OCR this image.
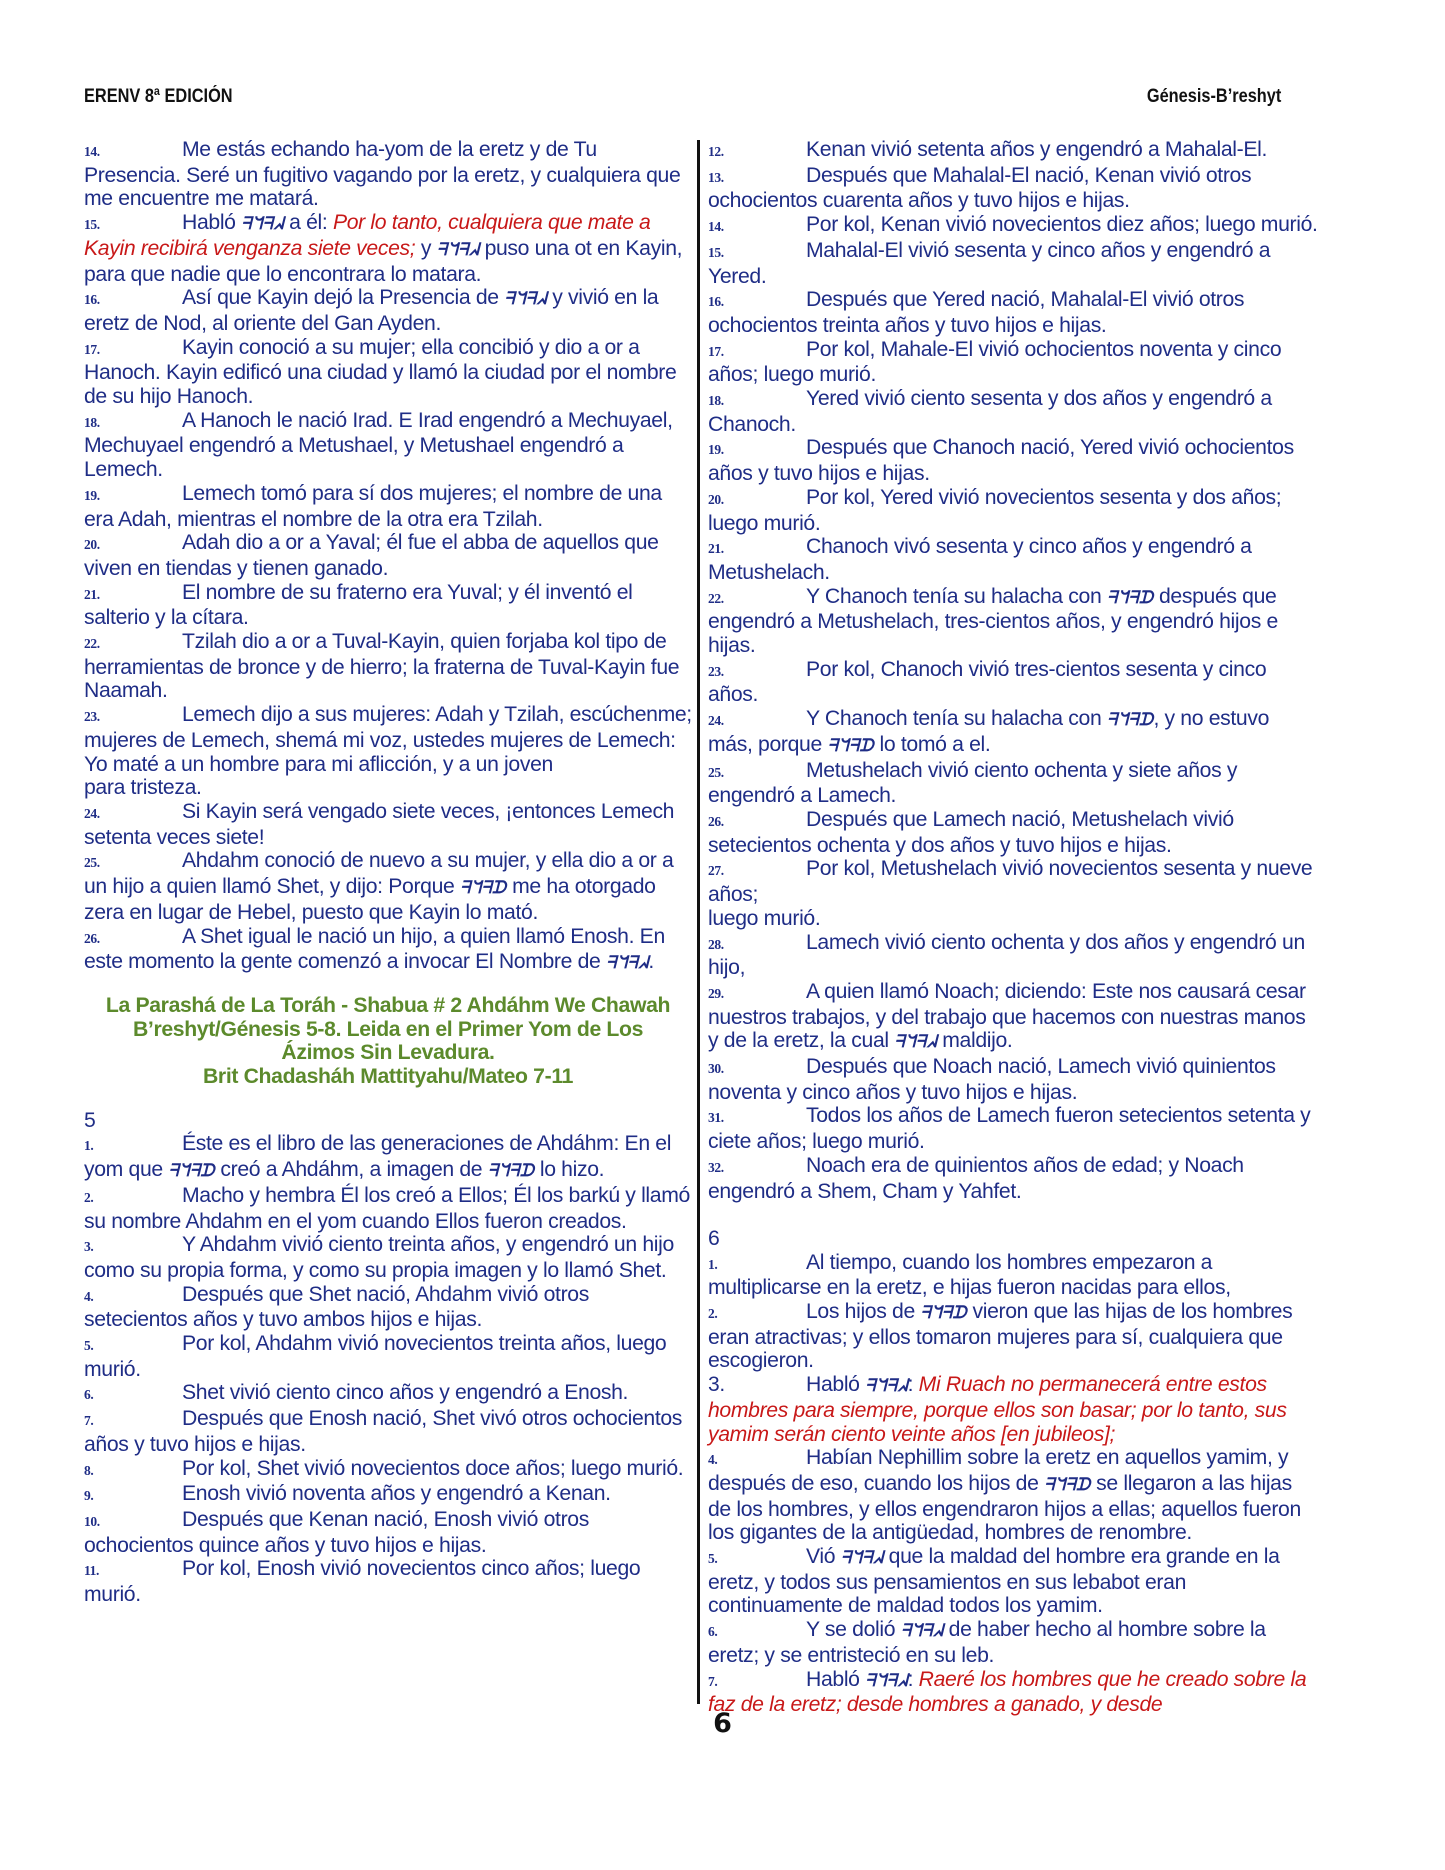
ERENV 8ª EDICIÓN	Génesis-B’reshyt
14.	Me estás echando ha-yom de la eretz y de Tu Presencia. Seré un fugitivo vagando por la eretz, y cualquiera que me encuentre me matará.
15.	Habló ᖷᖻᖷᖽ a él: Por lo tanto, cualquiera que mate a Kayin recibirá venganza siete veces; y ᖷᖻᖷᖽ puso una ot en Kayin, para que nadie que lo encontrara lo matara.
16.	Así que Kayin dejó la Presencia de ᖷᖻᖷᖽ y vivió en la eretz de Nod, al oriente del Gan Ayden.
17.	Kayin conoció a su mujer; ella concibió y dio a or a Hanoch. Kayin edificó una ciudad y llamó la ciudad por el nombre de su hijo Hanoch.
18.	A Hanoch le nació Irad. E Irad engendró a Mechuyael, Mechuyael engendró a Metushael, y Metushael engendró a Lemech.
19.	Lemech tomó para sí dos mujeres; el nombre de una era Adah, mientras el nombre de la otra era Tzilah.
20.	Adah dio a or a Yaval; él fue el abba de aquellos que viven en tiendas y tienen ganado.
21.	El nombre de su fraterno era Yuval; y él inventó el salterio y la cítara.
22.	Tzilah dio a or a Tuval-Kayin, quien forjaba kol tipo de herramientas de bronce y de hierro; la fraterna de Tuval-Kayin fue Naamah.
23.	Lemech dijo a sus mujeres: Adah y Tzilah, escúchenme; mujeres de Lemech, shemá mi voz, ustedes mujeres de Lemech: Yo maté a un hombre para mi aflicción, y a un joven
para tristeza.
24.	Si Kayin será vengado siete veces, ¡entonces Lemech setenta veces siete!
25.	Ahdahm conoció de nuevo a su mujer, y ella dio a or a un hijo a quien llamó Shet, y dijo: Porque ᖷᖻᖷᗪ me ha otorgado zera en lugar de Hebel, puesto que Kayin lo mató.
26.	A Shet igual le nació un hijo, a quien llamó Enosh. En este momento la gente comenzó a invocar El Nombre de ᖷᖻᖷᖽ.
La Parashá de La Toráh - Shabua # 2 Ahdáhm We Chawah
B’reshyt/Génesis 5-8. Leida en el Primer Yom de Los
Ázimos Sin Levadura.
Brit Chadasháh Mattityahu/Mateo 7-11
5
1.	Éste es el libro de las generaciones de Ahdáhm: En el yom que ᖷᖻᖷᗪ creó a Ahdáhm, a imagen de ᖷᖻᖷᗪ lo hizo.
2.	Macho y hembra Él los creó a Ellos; Él los barkú y llamó su nombre Ahdahm en el yom cuando Ellos fueron creados.
3.	Y Ahdahm vivió ciento treinta años, y engendró un hijo como su propia forma, y como su propia imagen y lo llamó Shet.
4.	Después que Shet nació, Ahdahm vivió otros setecientos años y tuvo ambos hijos e hijas.
5.	Por kol, Ahdahm vivió novecientos treinta años, luego murió.
6.	Shet vivió ciento cinco años y engendró a Enosh.
7.	Después que Enosh nació, Shet vivó otros ochocientos años y tuvo hijos e hijas.
8.	Por kol, Shet vivió novecientos doce años; luego murió.
9.	Enosh vivió noventa años y engendró a Kenan.
10.	Después que Kenan nació, Enosh vivió otros ochocientos quince años y tuvo hijos e hijas.
11.	Por kol, Enosh vivió novecientos cinco años; luego murió.
12.	Kenan vivió setenta años y engendró a Mahalal-El.
13.	Después que Mahalal-El nació, Kenan vivió otros ochocientos cuarenta años y tuvo hijos e hijas.
14.	Por kol, Kenan vivió novecientos diez años; luego murió.
15.	Mahalal-El vivió sesenta y cinco años y engendró a Yered.
16.	Después que Yered nació, Mahalal-El vivió otros ochocientos treinta años y tuvo hijos e hijas.
17.	Por kol, Mahale-El vivió ochocientos noventa y cinco años; luego murió.
18.	Yered vivió ciento sesenta y dos años y engendró a Chanoch.
19.	Después que Chanoch nació, Yered vivió ochocientos años y tuvo hijos e hijas.
20.	Por kol, Yered vivió novecientos sesenta y dos años; luego murió.
21.	Chanoch vivó sesenta y cinco años y engendró a Metushelach.
22.	Y Chanoch tenía su halacha con ᖷᖻᖷᗪ después que engendró a Metushelach, tres-cientos años, y engendró hijos e hijas.
23.	Por kol, Chanoch vivió tres-cientos sesenta y cinco años.
24.	Y Chanoch tenía su halacha con ᖷᖻᖷᗪ, y no estuvo más, porque ᖷᖻᖷᗪ lo tomó a el.
25.	Metushelach vivió ciento ochenta y siete años y engendró a Lamech.
26.	Después que Lamech nació, Metushelach vivió setecientos ochenta y dos años y tuvo hijos e hijas.
27.	Por kol, Metushelach vivió novecientos sesenta y nueve años;
luego murió.
28.	Lamech vivió ciento ochenta y dos años y engendró un hijo,
29.	A quien llamó Noach; diciendo: Este nos causará cesar nuestros trabajos, y del trabajo que hacemos con nuestras manos y de la eretz, la cual ᖷᖻᖷᖽ maldijo.
30.	Después que Noach nació, Lamech vivió quinientos noventa y cinco años y tuvo hijos e hijas.
31.	Todos los años de Lamech fueron setecientos setenta y ciete años; luego murió.
32.	Noach era de quinientos años de edad; y Noach engendró a Shem, Cham y Yahfet.
6
1.	Al tiempo, cuando los hombres empezaron a multiplicarse en la eretz, e hijas fueron nacidas para ellos,
2.	Los hijos de ᖷᖻᖷᗪ vieron que las hijas de los hombres eran atractivas; y ellos tomaron mujeres para sí, cualquiera que escogieron.
3.	Habló ᖷᖻᖷᖽ: Mi Ruach no permanecerá entre estos hombres para siempre, porque ellos son basar; por lo tanto, sus yamim serán ciento veinte años [en jubileos];
4.	Habían Nephillim sobre la eretz en aquellos yamim, y después de eso, cuando los hijos de ᖷᖻᖷᗪ se llegaron a las hijas de los hombres, y ellos engendraron hijos a ellas; aquellos fueron los gigantes de la antigüedad, hombres de renombre.
5.	Vió ᖷᖻᖷᖽ que la maldad del hombre era grande en la eretz, y todos sus pensamientos en sus lebabot eran continuamente de maldad todos los yamim.
6.	Y se dolió ᖷᖻᖷᖽ de haber hecho al hombre sobre la eretz; y se entristeció en su leb.
7.	Habló ᖷᖻᖷᖽ: Raeré los hombres que he creado sobre la faz de la eretz; desde hombres a ganado, y desde
6
